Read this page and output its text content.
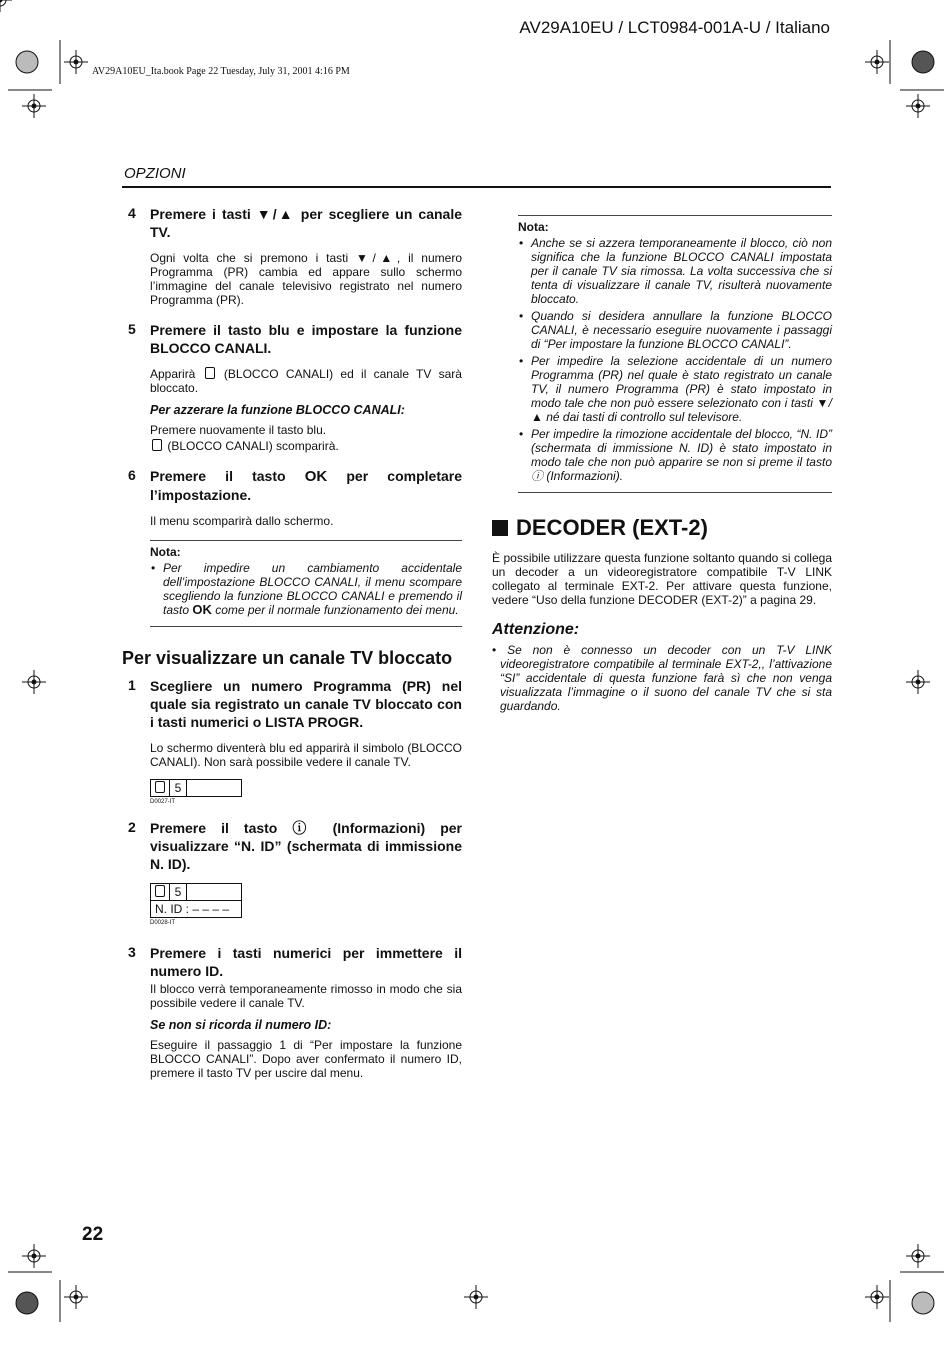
AV29A10EU / LCT0984-001A-U / Italiano
AV29A10EU_Ita.book Page 22 Tuesday, July 31, 2001 4:16 PM
OPZIONI
22
4 Premere i tasti ▼/▲ per scegliere un canale TV.

Ogni volta che si premono i tasti ▼/▲, il numero Programma (PR) cambia ed appare sullo schermo l’immagine del canale televisivo registrato nel numero Programma (PR).

5 Premere il tasto blu e impostare la funzione BLOCCO CANALI.

Apparirà (BLOCCO CANALI) ed il canale TV sarà bloccato.

Per azzerare la funzione BLOCCO CANALI:

Premere nuovamente il tasto blu.

(BLOCCO CANALI) scomparirà.

6 Premere il tasto OK per completare l’impostazione.

Il menu scomparirà dallo schermo.

Nota:
• Per impedire un cambiamento accidentale dell’impostazione BLOCCO CANALI, il menu scompare scegliendo la funzione BLOCCO CANALI e premendo il tasto OK come per il normale funzionamento dei menu.
Per visualizzare un canale TV bloccato
1 Scegliere un numero Programma (PR) nel quale sia registrato un canale TV bloccato con i tasti numerici o LISTA PROGR.

Lo schermo diventerà blu ed apparirà il simbolo (BLOCCO CANALI). Non sarà possibile vedere il canale TV.

5
D0027-IT
2 Premere il tasto ⓘ (Informazioni) per visualizzare “N. ID” (schermata di immissione N. ID).
5
N. ID : – – – –
D0028-IT
3 Premere i tasti numerici per immettere il numero ID.

Il blocco verrà temporaneamente rimosso in modo che sia possibile vedere il canale TV.

Se non si ricorda il numero ID:

Eseguire il passaggio 1 di “Per impostare la funzione BLOCCO CANALI”. Dopo aver confermato il numero ID, premere il tasto TV per uscire dal menu.

Nota:
• Anche se si azzera temporaneamente il blocco, ciò non significa che la funzione BLOCCO CANALI impostata per il canale TV sia rimossa. La volta successiva che si tenta di visualizzare il canale TV, risulterà nuovamente bloccato.
• Quando si desidera annullare la funzione BLOCCO CANALI, è necessario eseguire nuovamente i passaggi di “Per impostare la funzione BLOCCO CANALI”.
• Per impedire la selezione accidentale di un numero Programma (PR) nel quale è stato registrato un canale TV, il numero Programma (PR) è stato impostato in modo tale che non può essere selezionato con i tasti ▼/▲ né dai tasti di controllo sul televisore.
• Per impedire la rimozione accidentale del blocco, “N. ID” (schermata di immissione N. ID) è stato impostato in modo tale che non può apparire se non si preme il tasto ⓘ (Informazioni).
DECODER (EXT-2)

È possibile utilizzare questa funzione soltanto quando si collega un decoder a un videoregistratore compatibile T-V LINK collegato al terminale EXT-2. Per attivare questa funzione, vedere “Uso della funzione DECODER (EXT-2)” a pagina 29.

Attenzione:
• Se non è connesso un decoder con un T-V LINK videoregistratore compatibile al terminale EXT-2,, l’attivazione “SI” accidentale di questa funzione farà sì che non venga visualizzata l’immagine o il suono del canale TV che si sta guardando.
